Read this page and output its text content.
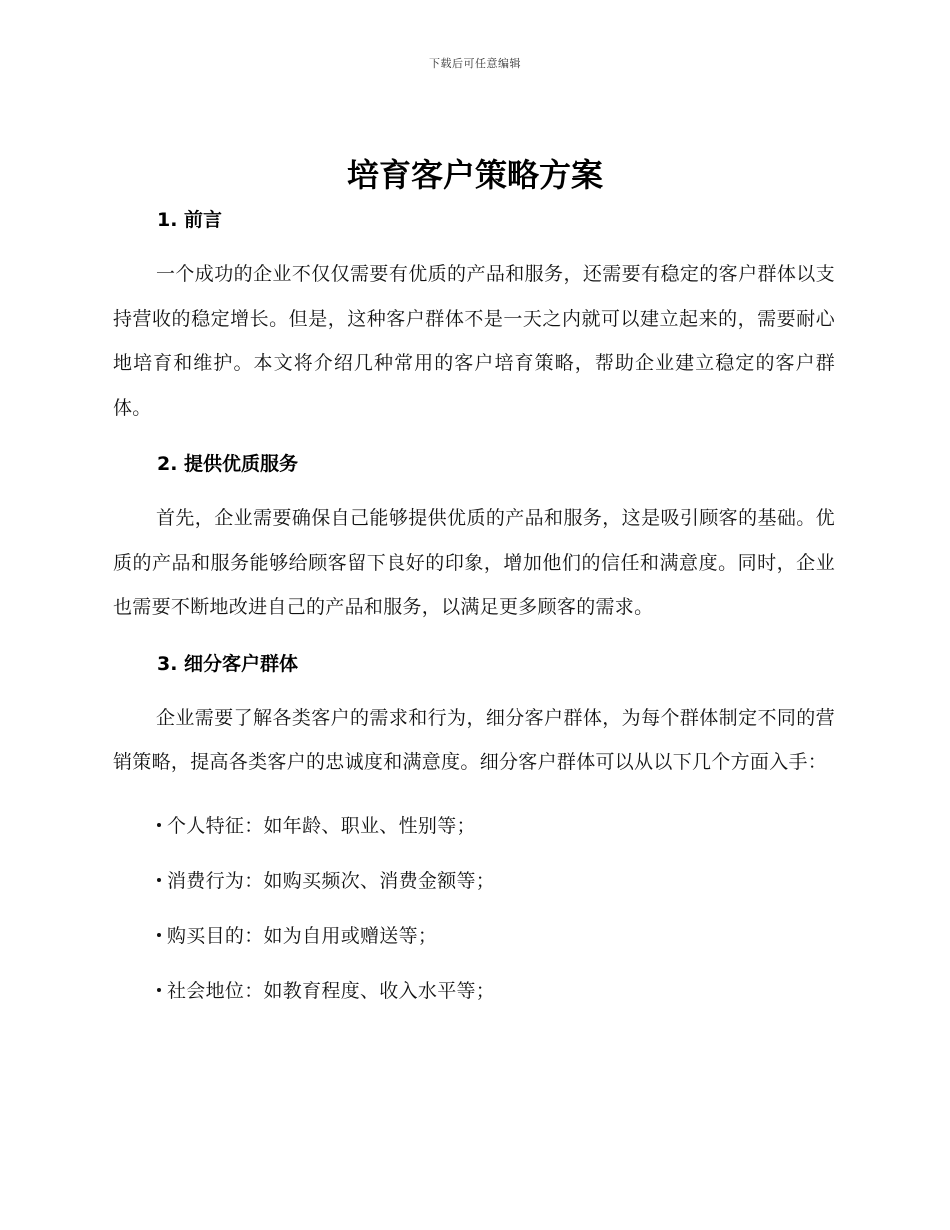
下载后可任意编辑
培育客户策略方案
1. 前言

一个成功的企业不仅仅需要有优质的产品和服务，还需要有稳定的客户群体以支持营收的稳定增长。但是，这种客户群体不是一天之内就可以建立起来的，需要耐心地培育和维护。本文将介绍几种常用的客户培育策略，帮助企业建立稳定的客户群体。

2. 提供优质服务

首先，企业需要确保自己能够提供优质的产品和服务，这是吸引顾客的基础。优质的产品和服务能够给顾客留下良好的印象，增加他们的信任和满意度。同时，企业也需要不断地改进自己的产品和服务，以满足更多顾客的需求。

3. 细分客户群体

企业需要了解各类客户的需求和行为，细分客户群体，为每个群体制定不同的营销策略，提高各类客户的忠诚度和满意度。细分客户群体可以从以下几个方面入手：

个人特征：如年龄、职业、性别等；
消费行为：如购买频次、消费金额等；
购买目的：如为自用或赠送等；
社会地位：如教育程度、收入水平等；
